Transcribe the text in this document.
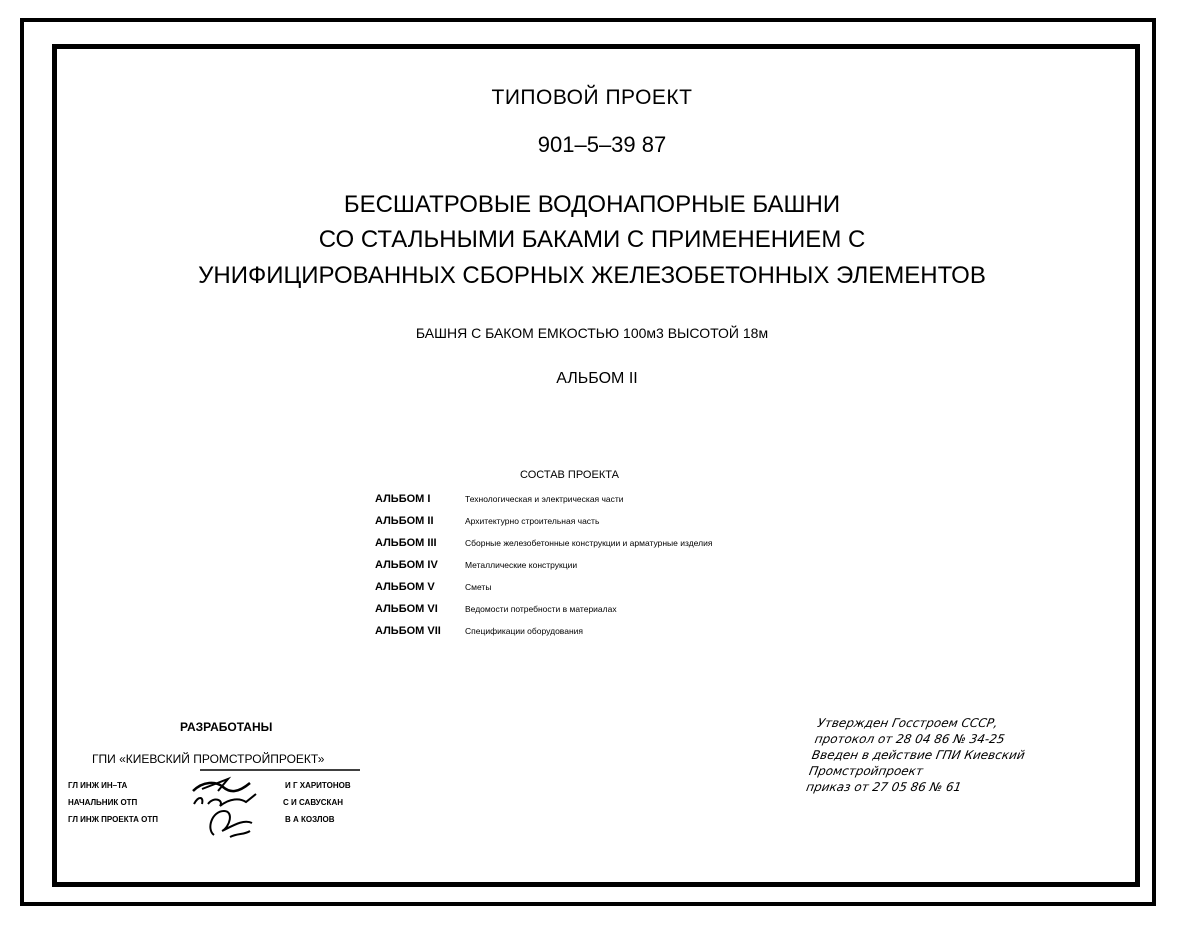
ТИПОВОЙ ПРОЕКТ
901–5–39 87
БЕСШАТРОВЫЕ ВОДОНАПОРНЫЕ БАШНИ
СО СТАЛЬНЫМИ БАКАМИ С ПРИМЕНЕНИЕМ С
УНИФИЦИРОВАННЫХ СБОРНЫХ ЖЕЛЕЗОБЕТОННЫХ ЭЛЕМЕНТОВ
БАШНЯ С БАКОМ ЕМКОСТЬЮ 100м3 ВЫСОТОЙ 18м
АЛЬБОМ II
СОСТАВ ПРОЕКТА
АЛЬБОМ I	Технологическая и электрическая части
АЛЬБОМ II	Архитектурно строительная часть
АЛЬБОМ III	Сборные железобетонные конструкции и арматурные изделия
АЛЬБОМ IV	Металлические конструкции
АЛЬБОМ V	Сметы
АЛЬБОМ VI	Ведомости потребности в материалах
АЛЬБОМ VII	Спецификации оборудования
РАЗРАБОТАНЫ
ГПИ «КИЕВСКИЙ ПРОМСТРОЙПРОЕКТ»
ГЛ ИНЖ ИН–ТА	И Г ХАРИТОНОВ
НАЧАЛЬНИК ОТП	С И САВУСКАН
ГЛ ИНЖ ПРОЕКТА ОТП	В А КОЗЛОВ
Утвержден Госстроем СССР,
протокол от 28 04 86 № 34-25
Введен в действие ГПИ Киевский
Промстройпроект
приказ от 27 05 86 № 61
